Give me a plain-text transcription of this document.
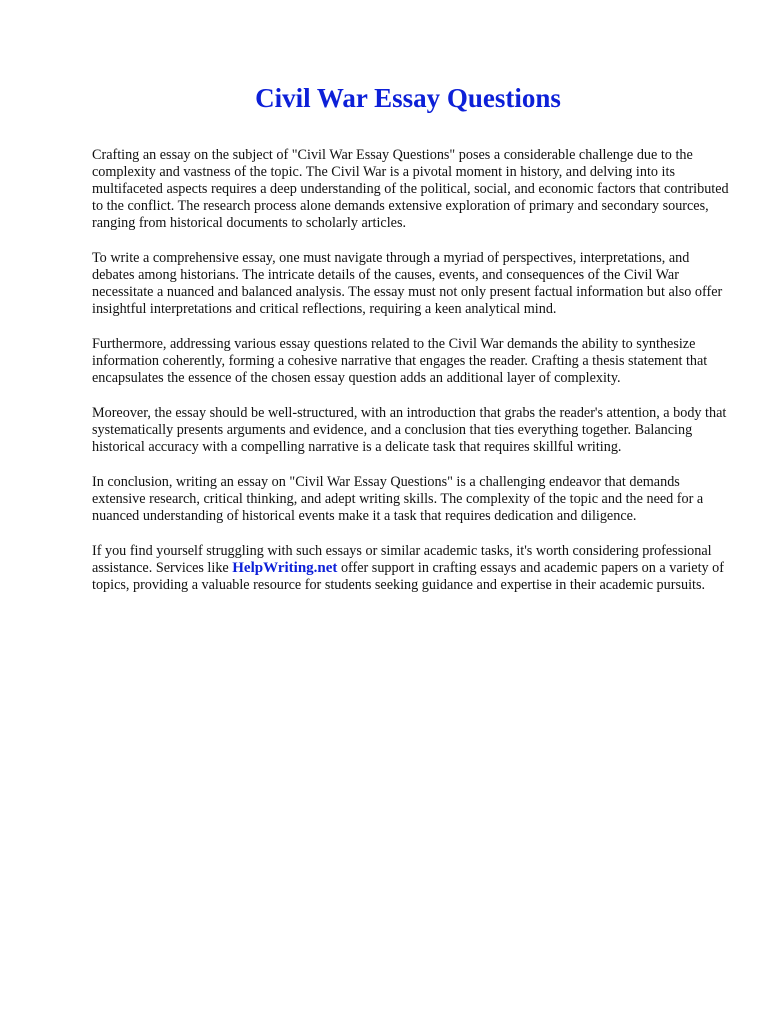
Civil War Essay Questions

Crafting an essay on the subject of "Civil War Essay Questions" poses a considerable challenge due to the complexity and vastness of the topic. The Civil War is a pivotal moment in history, and delving into its multifaceted aspects requires a deep understanding of the political, social, and economic factors that contributed to the conflict. The research process alone demands extensive exploration of primary and secondary sources, ranging from historical documents to scholarly articles.

To write a comprehensive essay, one must navigate through a myriad of perspectives, interpretations, and debates among historians. The intricate details of the causes, events, and consequences of the Civil War necessitate a nuanced and balanced analysis. The essay must not only present factual information but also offer insightful interpretations and critical reflections, requiring a keen analytical mind.

Furthermore, addressing various essay questions related to the Civil War demands the ability to synthesize information coherently, forming a cohesive narrative that engages the reader. Crafting a thesis statement that encapsulates the essence of the chosen essay question adds an additional layer of complexity.

Moreover, the essay should be well-structured, with an introduction that grabs the reader's attention, a body that systematically presents arguments and evidence, and a conclusion that ties everything together. Balancing historical accuracy with a compelling narrative is a delicate task that requires skillful writing.

In conclusion, writing an essay on "Civil War Essay Questions" is a challenging endeavor that demands extensive research, critical thinking, and adept writing skills. The complexity of the topic and the need for a nuanced understanding of historical events make it a task that requires dedication and diligence.

If you find yourself struggling with such essays or similar academic tasks, it's worth considering professional assistance. Services like HelpWriting.net offer support in crafting essays and academic papers on a variety of topics, providing a valuable resource for students seeking guidance and expertise in their academic pursuits.
